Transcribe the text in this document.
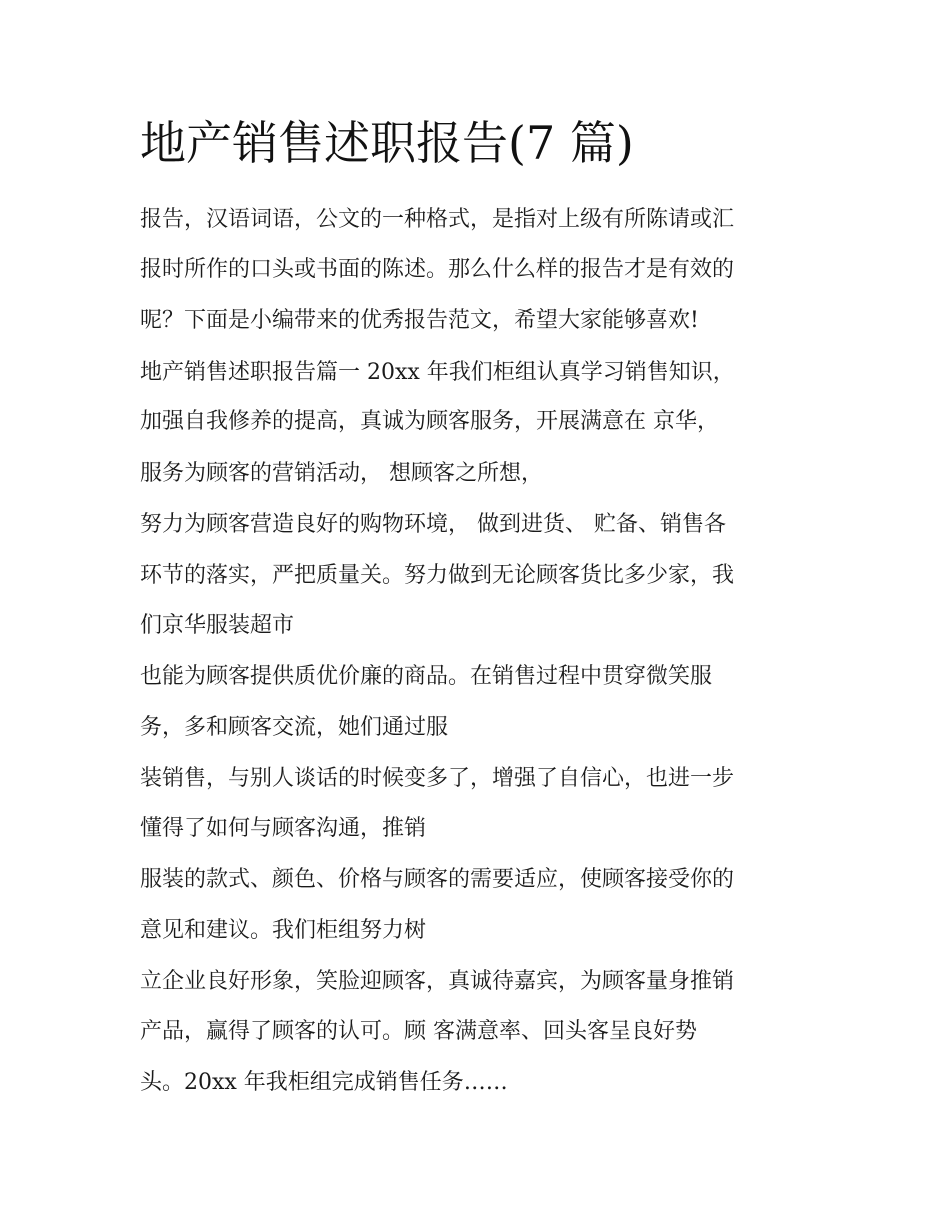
地产销售述职报告(7 篇)

报告，汉语词语，公文的一种格式，是指对上级有所陈请或汇

报时所作的口头或书面的陈述。那么什么样的报告才是有效的

呢？下面是小编带来的优秀报告范文，希望大家能够喜欢!

地产销售述职报告篇一 20xx 年我们柜组认真学习销售知识，

加强自我修养的提高，真诚为顾客服务，开展满意在 京华，

服务为顾客的营销活动， 想顾客之所想，

努力为顾客营造良好的购物环境， 做到进货、 贮备、销售各

环节的落实，严把质量关。努力做到无论顾客货比多少家，我

们京华服装超市

也能为顾客提供质优价廉的商品。在销售过程中贯穿微笑服

务，多和顾客交流，她们通过服

装销售，与别人谈话的时候变多了，增强了自信心，也进一步

懂得了如何与顾客沟通，推销

服装的款式、颜色、价格与顾客的需要适应，使顾客接受你的

意见和建议。我们柜组努力树

立企业良好形象，笑脸迎顾客，真诚待嘉宾，为顾客量身推销

产品，赢得了顾客的认可。顾 客满意率、回头客呈良好势

头。20xx 年我柜组完成销售任务……
